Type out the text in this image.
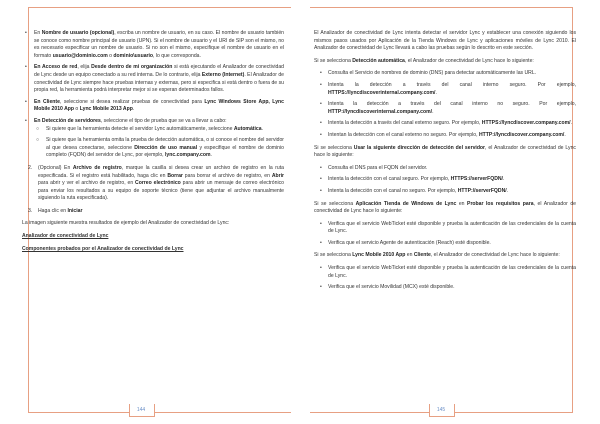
• En Nombre de usuario (opcional), escriba un nombre de usuario, en su caso. El nombre de usuario también se conoce como nombre principal de usuario (UPN). Si el nombre de usuario y el URI de SIP son el mismo, no es necesario especificar un nombre de usuario. Si no son el mismo, especifique el nombre de usuario en el formato usuario@dominio.com o dominio\usuario, lo que corresponda.
• En Acceso de red, elija Desde dentro de mi organización si está ejecutando el Analizador de conectividad de Lync desde un equipo conectado a su red interna. De lo contrario, elija Externo (Internet). El Analizador de conectividad de Lync siempre hace pruebas internas y externas, pero si especifica si está dentro o fuera de su propia red, la herramienta podrá interpretar mejor si se esperan determinados fallos.
• En Cliente, seleccione si desea realizar pruebas de conectividad para Lync Windows Store App, Lync Mobile 2010 App o Lync Mobile 2013 App.
• En Detección de servidores, seleccione el tipo de prueba que se va a llevar a cabo:
○ Si quiere que la herramienta detecte el servidor Lync automáticamente, seleccione Automática.
○ Si quiere que la herramienta omita la prueba de detección automática, o si conoce el nombre del servidor al que desea conectarse, seleccione Dirección de uso manual y especifique el nombre de dominio completo (FQDN) del servidor de Lync, por ejemplo, lync.company.com.
2. (Opcional) En Archivo de registro, marque la casilla si desea crear un archivo de registro en la ruta especificada. Si el registro está habilitado, haga clic en Borrar para borrar el archivo de registro, en Abrir para abrir y ver el archivo de registro, en Correo electrónico para abrir un mensaje de correo electrónico para enviar los resultados a su equipo de soporte técnico (tiene que adjuntar el archivo manualmente siguiendo la ruta especificada).
3. Haga clic en Iniciar

La imagen siguiente muestra resultados de ejemplo del Analizador de conectividad de Lync:

Analizador de conectividad de Lync

Componentes probados por el Analizador de conectividad de Lync

144

El Analizador de conectividad de Lync intenta detectar el servidor Lync y establecer una conexión siguiendo los mismos pasos usados por Aplicación de la Tienda Windows de Lync y aplicaciones móviles de Lync 2010. El Analizador de conectividad de Lync llevará a cabo las pruebas según lo descrito en este sección.

Si se selecciona Detección automática, el Analizador de conectividad de Lync hace lo siguiente:

• Consulta el Servicio de nombres de dominio (DNS) para detectar automáticamente las URL.
• Intenta la detección a través del canal interno seguro. Por ejemplo, HTTPS://lyncdiscoverinternal.company.com/.
• Intenta la detección a través del canal interno no seguro. Por ejemplo, HTTP://lyncdiscoverinternal.company.com/.
• Intenta la detección a través del canal externo seguro. Por ejemplo, HTTPS://lyncdiscover.company.com/.
• Intentan la detección con el canal externo no seguro. Por ejemplo, HTTP://lyncdiscover.company.com/.

Si se selecciona Usar la siguiente dirección de detección del servidor, el Analizador de conectividad de Lync hace lo siguiente:

• Consulta el DNS para el FQDN del servidor.
• Intenta la detección con el canal seguro. Por ejemplo, HTTPS://serverFQDN/.
• Intenta la detección con el canal no seguro. Por ejemplo, HTTP://serverFQDN/.

Si se selecciona Aplicación Tienda de Windows de Lync en Probar los requisitos para, el Analizador de conectividad de Lync hace lo siguiente:

• Verifica que el servicio WebTicket esté disponible y prueba la autenticación de las credenciales de la cuenta de Lync.
• Verifica que el servicio Agente de autenticación (Reach) esté disponible.

Si se selecciona Lync Mobile 2010 App en Cliente, el Analizador de conectividad de Lync hace lo siguiente:

• Verifica que el servicio WebTicket esté disponible y prueba la autenticación de las credenciales de la cuenta de Lync.
• Verifica que el servicio Movilidad (MCX) esté disponible.
145
